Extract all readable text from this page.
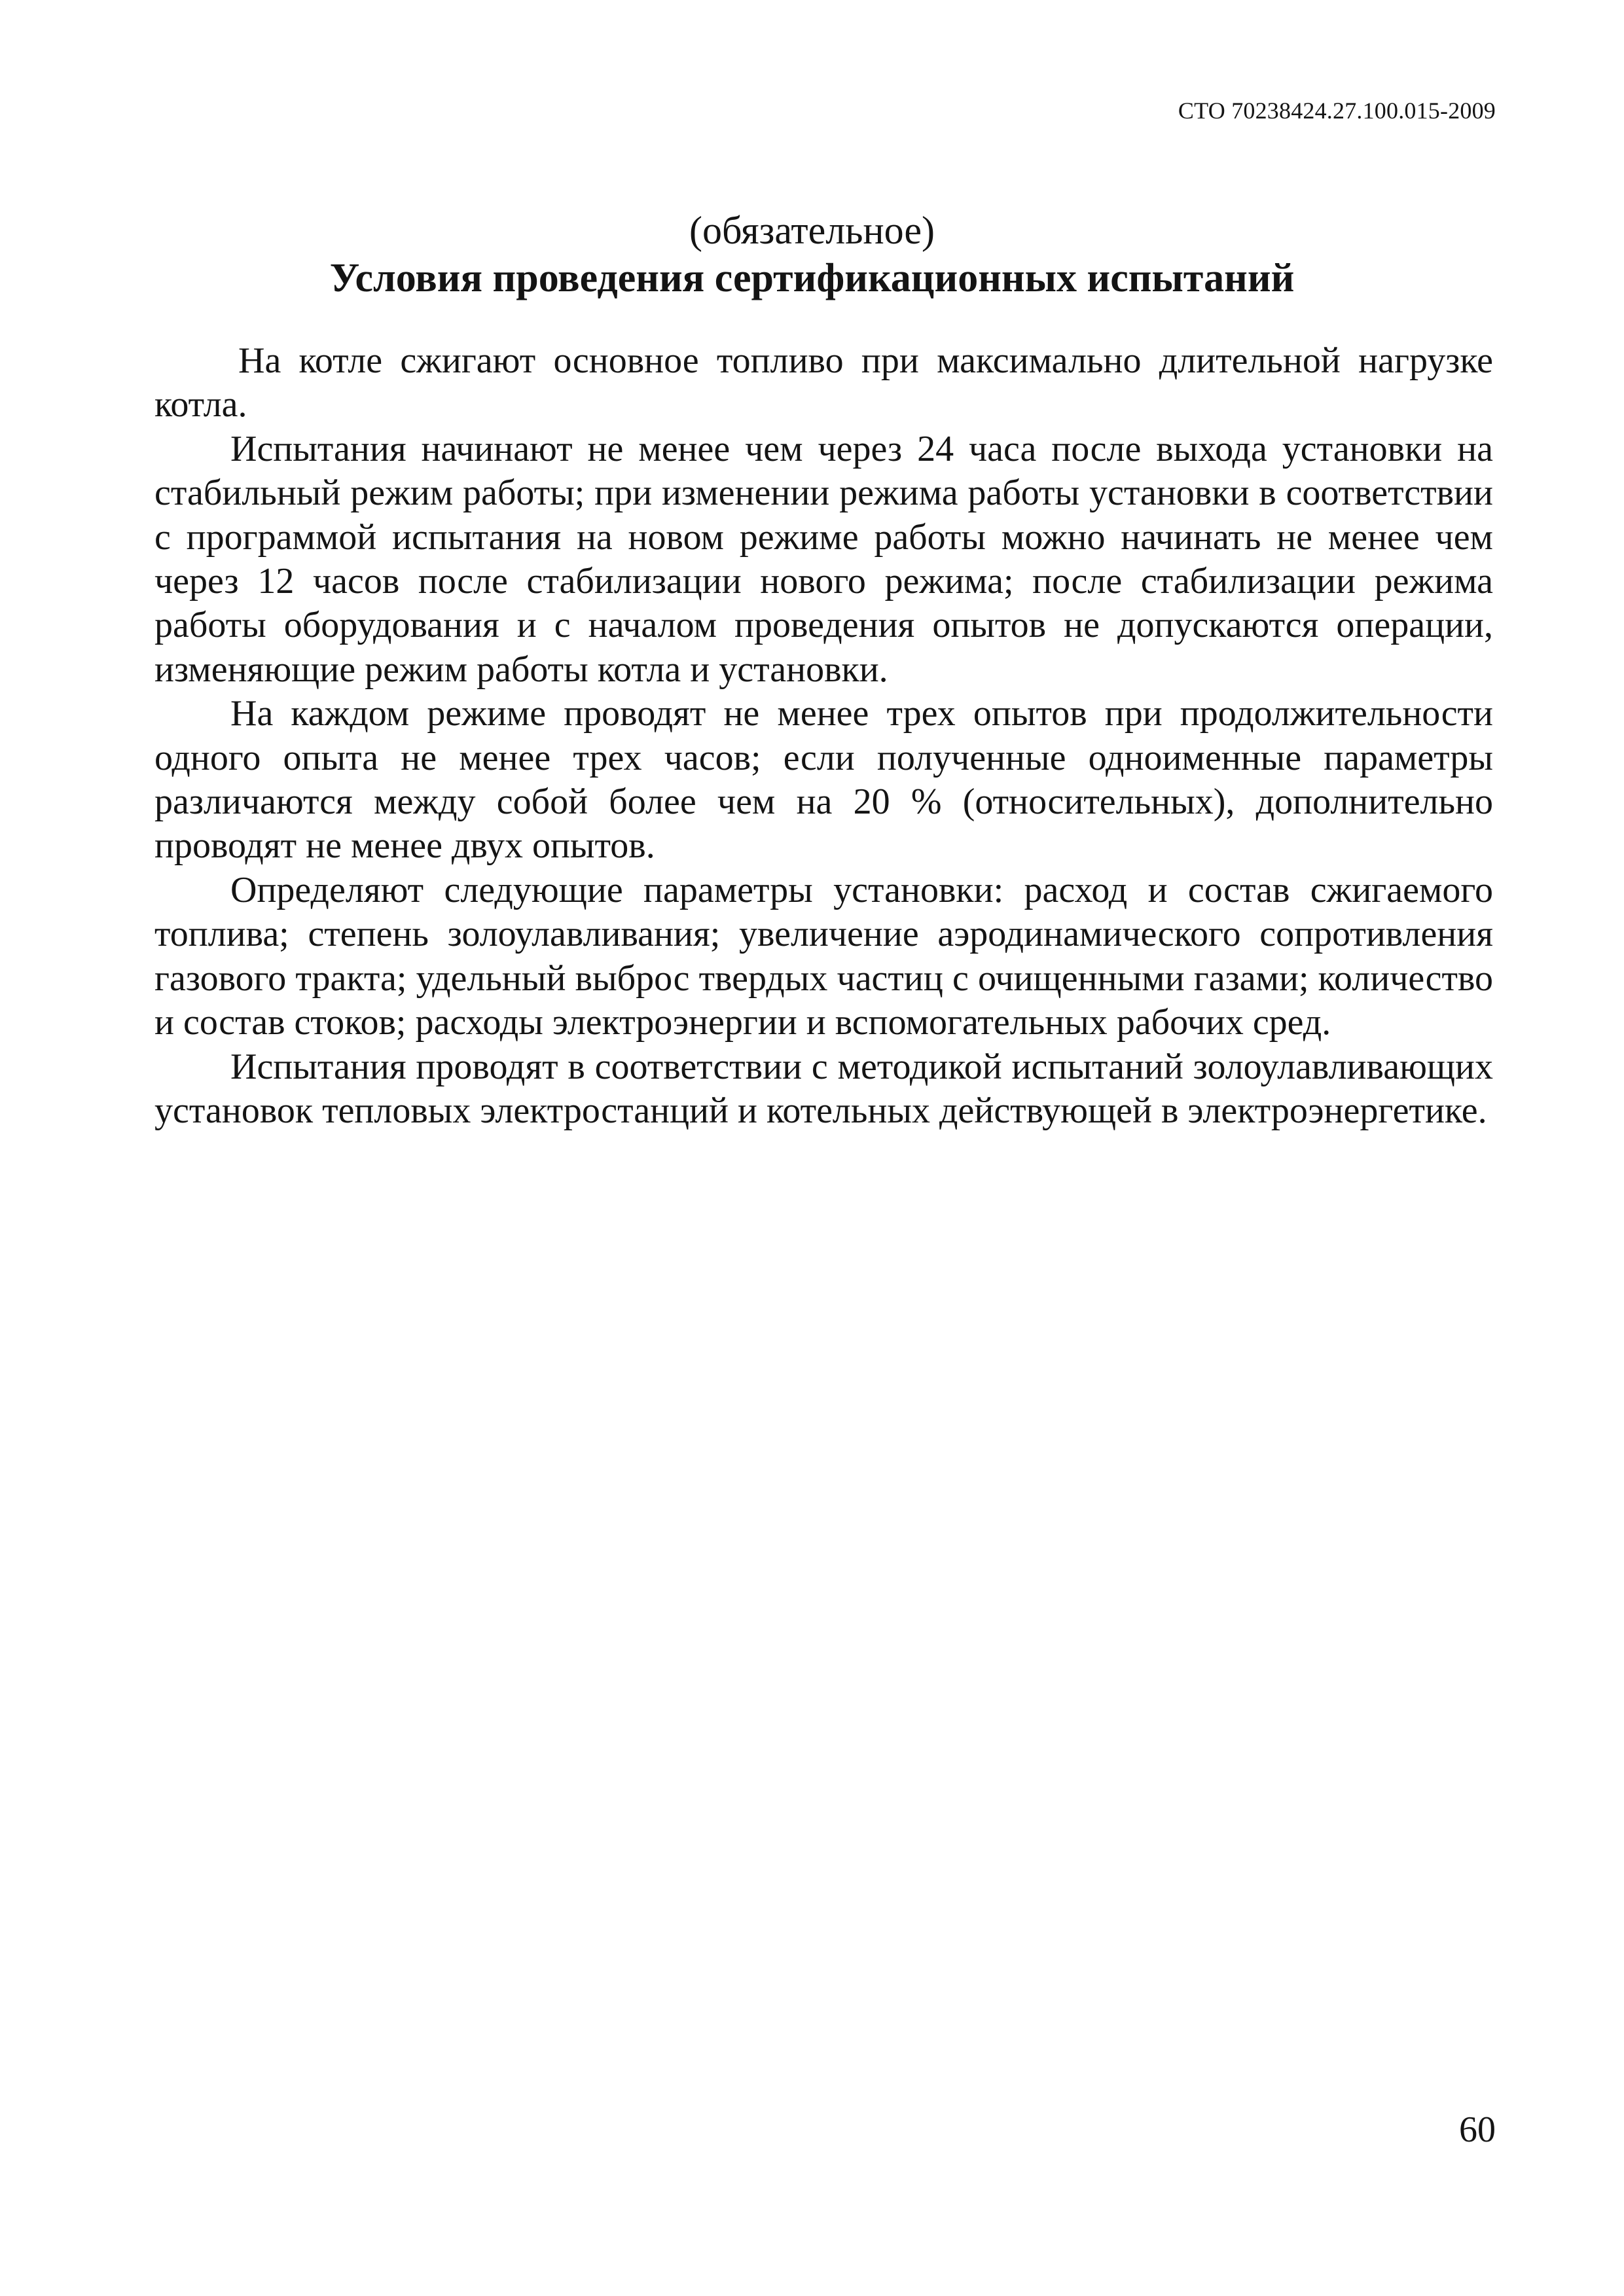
СТО 70238424.27.100.015-2009
(обязательное)
Условия проведения сертификационных испытаний

На котле сжигают основное топливо при максимально длительной нагрузке котла.

Испытания начинают не менее чем через 24 часа после выхода установки на стабильный режим работы; при изменении режима работы установки в соответствии с программой испытания на новом режиме работы можно начинать не менее чем через 12 часов после стабилизации нового режима; после стабилизации режима работы оборудования и с началом проведения опытов не допускаются операции, изменяющие режим работы котла и установки.

На каждом режиме проводят не менее трех опытов при продолжительности одного опыта не менее трех часов; если полученные одноименные параметры различаются между собой более чем на 20 % (относительных), дополнительно проводят не менее двух опытов.

Определяют следующие параметры установки: расход и состав сжигаемого топлива; степень золоулавливания; увеличение аэродинамического сопротивления газового тракта; удельный выброс твердых частиц с очищенными газами; количество и состав стоков; расходы электроэнергии и вспомогательных рабочих сред.

Испытания проводят в соответствии с методикой испытаний золоулавливающих установок тепловых электростанций и котельных действующей в электроэнергетике.

60
